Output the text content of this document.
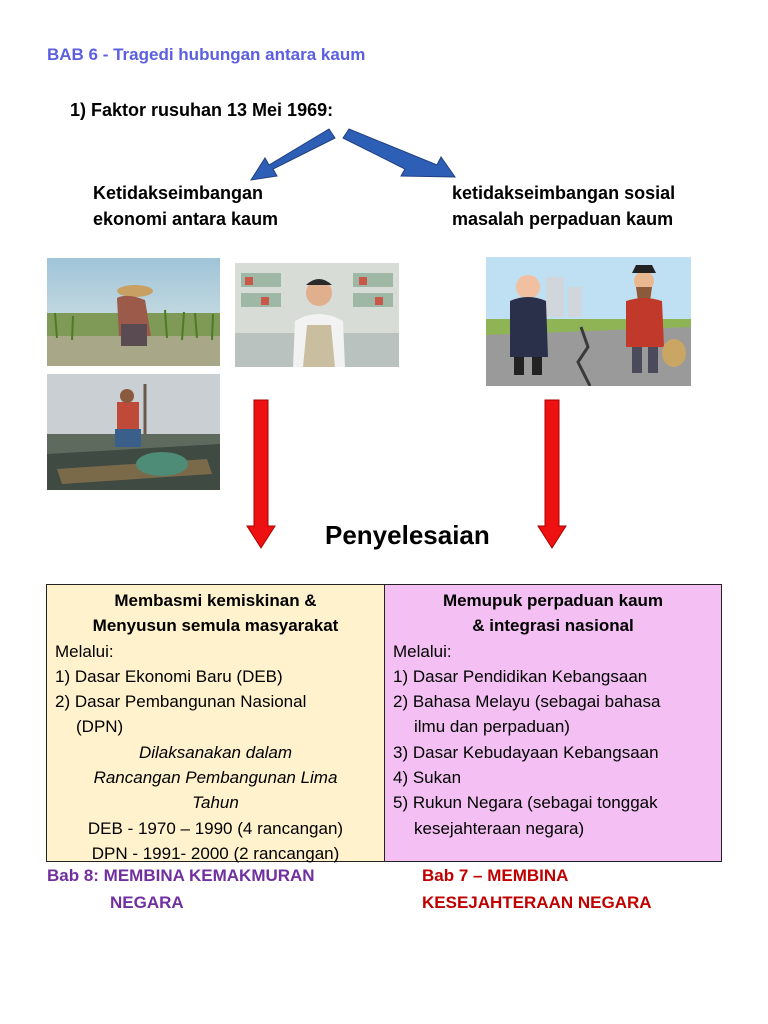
BAB 6 - Tragedi hubungan antara kaum
1) Faktor rusuhan 13 Mei 1969:
Ketidakseimbangan
ekonomi antara kaum
ketidakseimbangan sosial
masalah perpaduan kaum
Penyelesaian
Membasmi kemiskinan &
Menyusun semula masyarakat
Melalui:
1) Dasar Ekonomi Baru (DEB)
2) Dasar Pembangunan Nasional
(DPN)
Dilaksanakan dalam
Rancangan Pembangunan Lima
Tahun
DEB - 1970 – 1990 (4 rancangan)
DPN - 1991- 2000 (2 rancangan)
Memupuk perpaduan kaum
& integrasi nasional
Melalui:
1) Dasar Pendidikan Kebangsaan
2) Bahasa Melayu (sebagai bahasa
ilmu dan perpaduan)
3) Dasar Kebudayaan Kebangsaan
4) Sukan
5) Rukun Negara (sebagai tonggak
kesejahteraan negara)
Bab 8: MEMBINA KEMAKMURAN
NEGARA
Bab 7 – MEMBINA
KESEJAHTERAAN NEGARA
